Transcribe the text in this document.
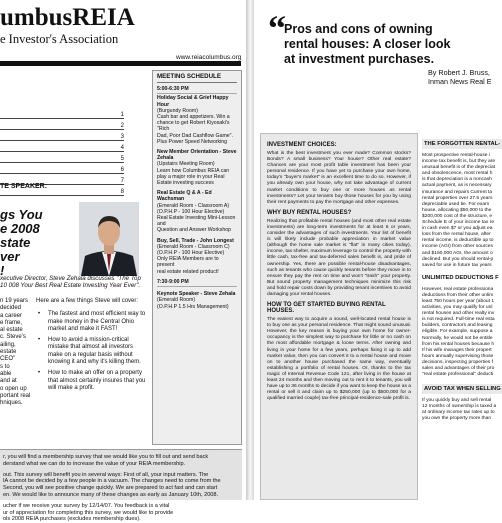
umbusREIA
e Investor's Association
www.reiacolumbus.org
1
2
3
4
5
6
7
8
TE SPEAKER:
gs You
e 2008
state
ver
!
xecutive Director, Steve Zehala discusses "The Top 10 008 Your Best Real Estate Investing Year Ever".
n 19 years
decided
a career
e frame,
al estate
c. Steve's
ailing,
estate
CEO"
s to
able
and at
o open up
portant real
hniques.
Here are a few things Steve will cover:
• The fastest and most efficient way to make money in the Central Ohio market and make it FAST!
• How to avoid a mission-critical mistake that almost all investors make on a regular basis without knowing it and why it's killing them.
• How to make an offer on a property that almost certainly insures that you will make a profit.
MEETING SCHEDULE
5:00-6:30 PM
Holiday Social & Grief Happy Hour
(Burgundy Room)
Cash bar and appetizers. Win a
chance to get Robert Kiyosaki's "Rich
Dad, Poor Dad Cashflow Game".
Plus Power Speed Networking
New Member Orientation - Steve Zehala
(Upstairs Meeting Room)
Learn how Columbus REIA can
play a major role in your Real
Estate investing success
Real Estate Q & A - Ed Wachsman
(Emerald Room - Classroom A)
(O.P.H.P - 100 Hour Elective)
Real Estate Investing Mini-Lesson and
Question and Answer Workshop
Buy, Sell, Trade - John Longest
(Emerald Room - Classroom C)
(O.P.H.P - 100 Hour Elective)
Only REIA Members are to present
real estate related product!
7:30-9:00 PM
Keynote Speaker - Steve Zehala
(Emerald Room)
(O.P.H.P 1.5 Hrs Management)

r, you will find a membership survey that we would like you to fill out and send back

derstand what we can do to increase the value of your REIA membership.

out. This survey will benefit you in several ways: First of all, your input matters. The

IA cannot be decided by a few people in a vacuum. The changes need to come from the

Second, you will see positive change quickly. We are prepared to act fast and can start

en. We would like to announce many of these changes as early as January 10th, 2008.

ucher if we receive your survey by 12/14/07. You feedback is a vital

ur of appreciation for completing this survey, we would like to provide

ols 2008 REIA purchases (excludes membership dues).

“
Pros and cons of owning rental houses: A closer look at investment purchases.
By Robert J. Bruss,
Inman News Real E
INVESTMENT CHOICES:
What is the best investment you ever made? Common stocks? Bonds? A small business? Your house? Other real estate? Chances are your most profit table investment has been your personal residence. If you have yet to purchase your own home, today's "buyer's market" is an excellent time to do so. However, if you already own your house, why not take advantage of current market conditions to buy one or more houses as rental investments? Let your tenants buy those houses for you by using their rent payments to pay the mortgage and other expenses.
WHY BUY RENTAL HOUSES?
Realizing that profitable rental houses (and most other real estate investments) are long-term investments for at least 6 or years, consider the advantages of such investments. Your list of benefit is will likely include probable appreciation in market value (although the home sale market is "flat" in many cities today), income, tax shelter, maximum leverage to control the property with little cash, tax-free and tax-deferred sales benefit is, and pride of ownership. Yes, there are possible rental-house disadvantages, such as tenants who cause quickly tenants before they move in to ensure they pay the rent on time and won't "trash" your property. But sound property management techniques minimize this risk and hold repair costs down by providing tenant incentives to avoid damaging your rental houses.
HOW TO GET STARTED BUYING RENTAL HOUSES.
The easiest way to acquire a sound, well-located rental house is to buy one as your personal residence. That might sound unusual. However, the key reason is buying your own home for owner-occupancy is the simplest way to purchase for little or no cash on the most affordable mortgage & loose terms. After owning and living in your home for a few years, perhaps fixing it up to add market value, then you can convert it to a rental house and move on to another house purchased the same way, eventually establishing a portfolio of rental houses. Or, thanks to the tax magic of Internal Revenue Code 121, after living in the house at least 24 months and then moving out to rent it to tenants, you will have up to 36 months to decide if you want to keep the house as a rental or sell it and claim up to $250,000 (up to $500,000 for a qualified married couple) tax-free principal-residence-sale profit is.
THE FORGOTTEN RENTAL-
Most prospective rental-house i
income tax benefit is, but they are
unusual benefit is of the depreciat
and obsolescence, most rental h
is that depreciation is a noncash
actual payment, as is necessary
insurance and repairs Current ta
rental properties over 27.5 years
depreciable used tie. For exam
house, allocating $50,000 to the
$200,000 cost of the structure, e
Schedule E of your income tax re
in cash even $7 or you adjust ea
loss from the rental house, after
rental income, is deductible up to
income (AGI) from other sources
and $150,000 AGI, the amount o
declined. But you should rental-p
saved for use in future tax years
UNLIMITED DEDUCTIONS F
However, real estate professiona
deductions from their other unlim
least 750 hours per year (about 1
activities, you may qualify for unl
rental houses and other realty inv
is not required. Full-time real esta
builders, contractors and leasing
eligible. For example, suppose a
Normally, he would not be entitle
from his rental houses because h
If his wife manages their propert
hours annually supervising those
decisions, inspecting properties f
sales and advantages of their pro
"real estate professional" deducti
AVOID TAX WHEN SELLING
If you quickly buy and sell rental
12 months of ownership is taxed a
at ordinary income tax rates up to
you own the property more than
